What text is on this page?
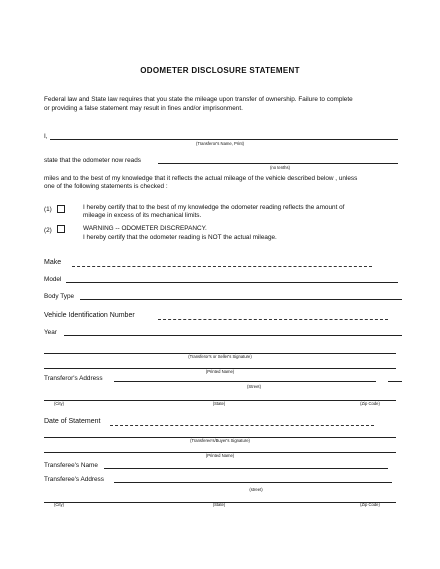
ODOMETER DISCLOSURE STATEMENT
Federal law and State law requires that you state the mileage upon transfer of ownership. Failure to complete
or providing a false statement may result in fines and/or imprisonment.
I,
(Transferor's Name, Print)
state that the odometer now reads
(no tenths)
miles and to the best of my knowledge that it reflects the actual mileage of the vehicle described below , unless
one of the following statements is checked :
(1)	I hereby certify that to the best of my knowledge the odometer reading reflects the amount of
mileage in excess of its mechanical limits.
(2)	WARNING -- ODOMETER DISCREPANCY.
I hereby certify that the odometer reading is NOT the actual mileage.
Make
Model
Body Type
Vehicle Identification Number
Year
(Transferor's or Seller's Signature)
(Printed Name)
Transferor's Address
(Street)
(City)	(State)	(Zip Code)
Date of Statement
(Transferee's/Buyer's Signature)
(Printed Name)
Transferee's Name
Transferee's Address
(street)
(City)	(State)	(Zip Code)
